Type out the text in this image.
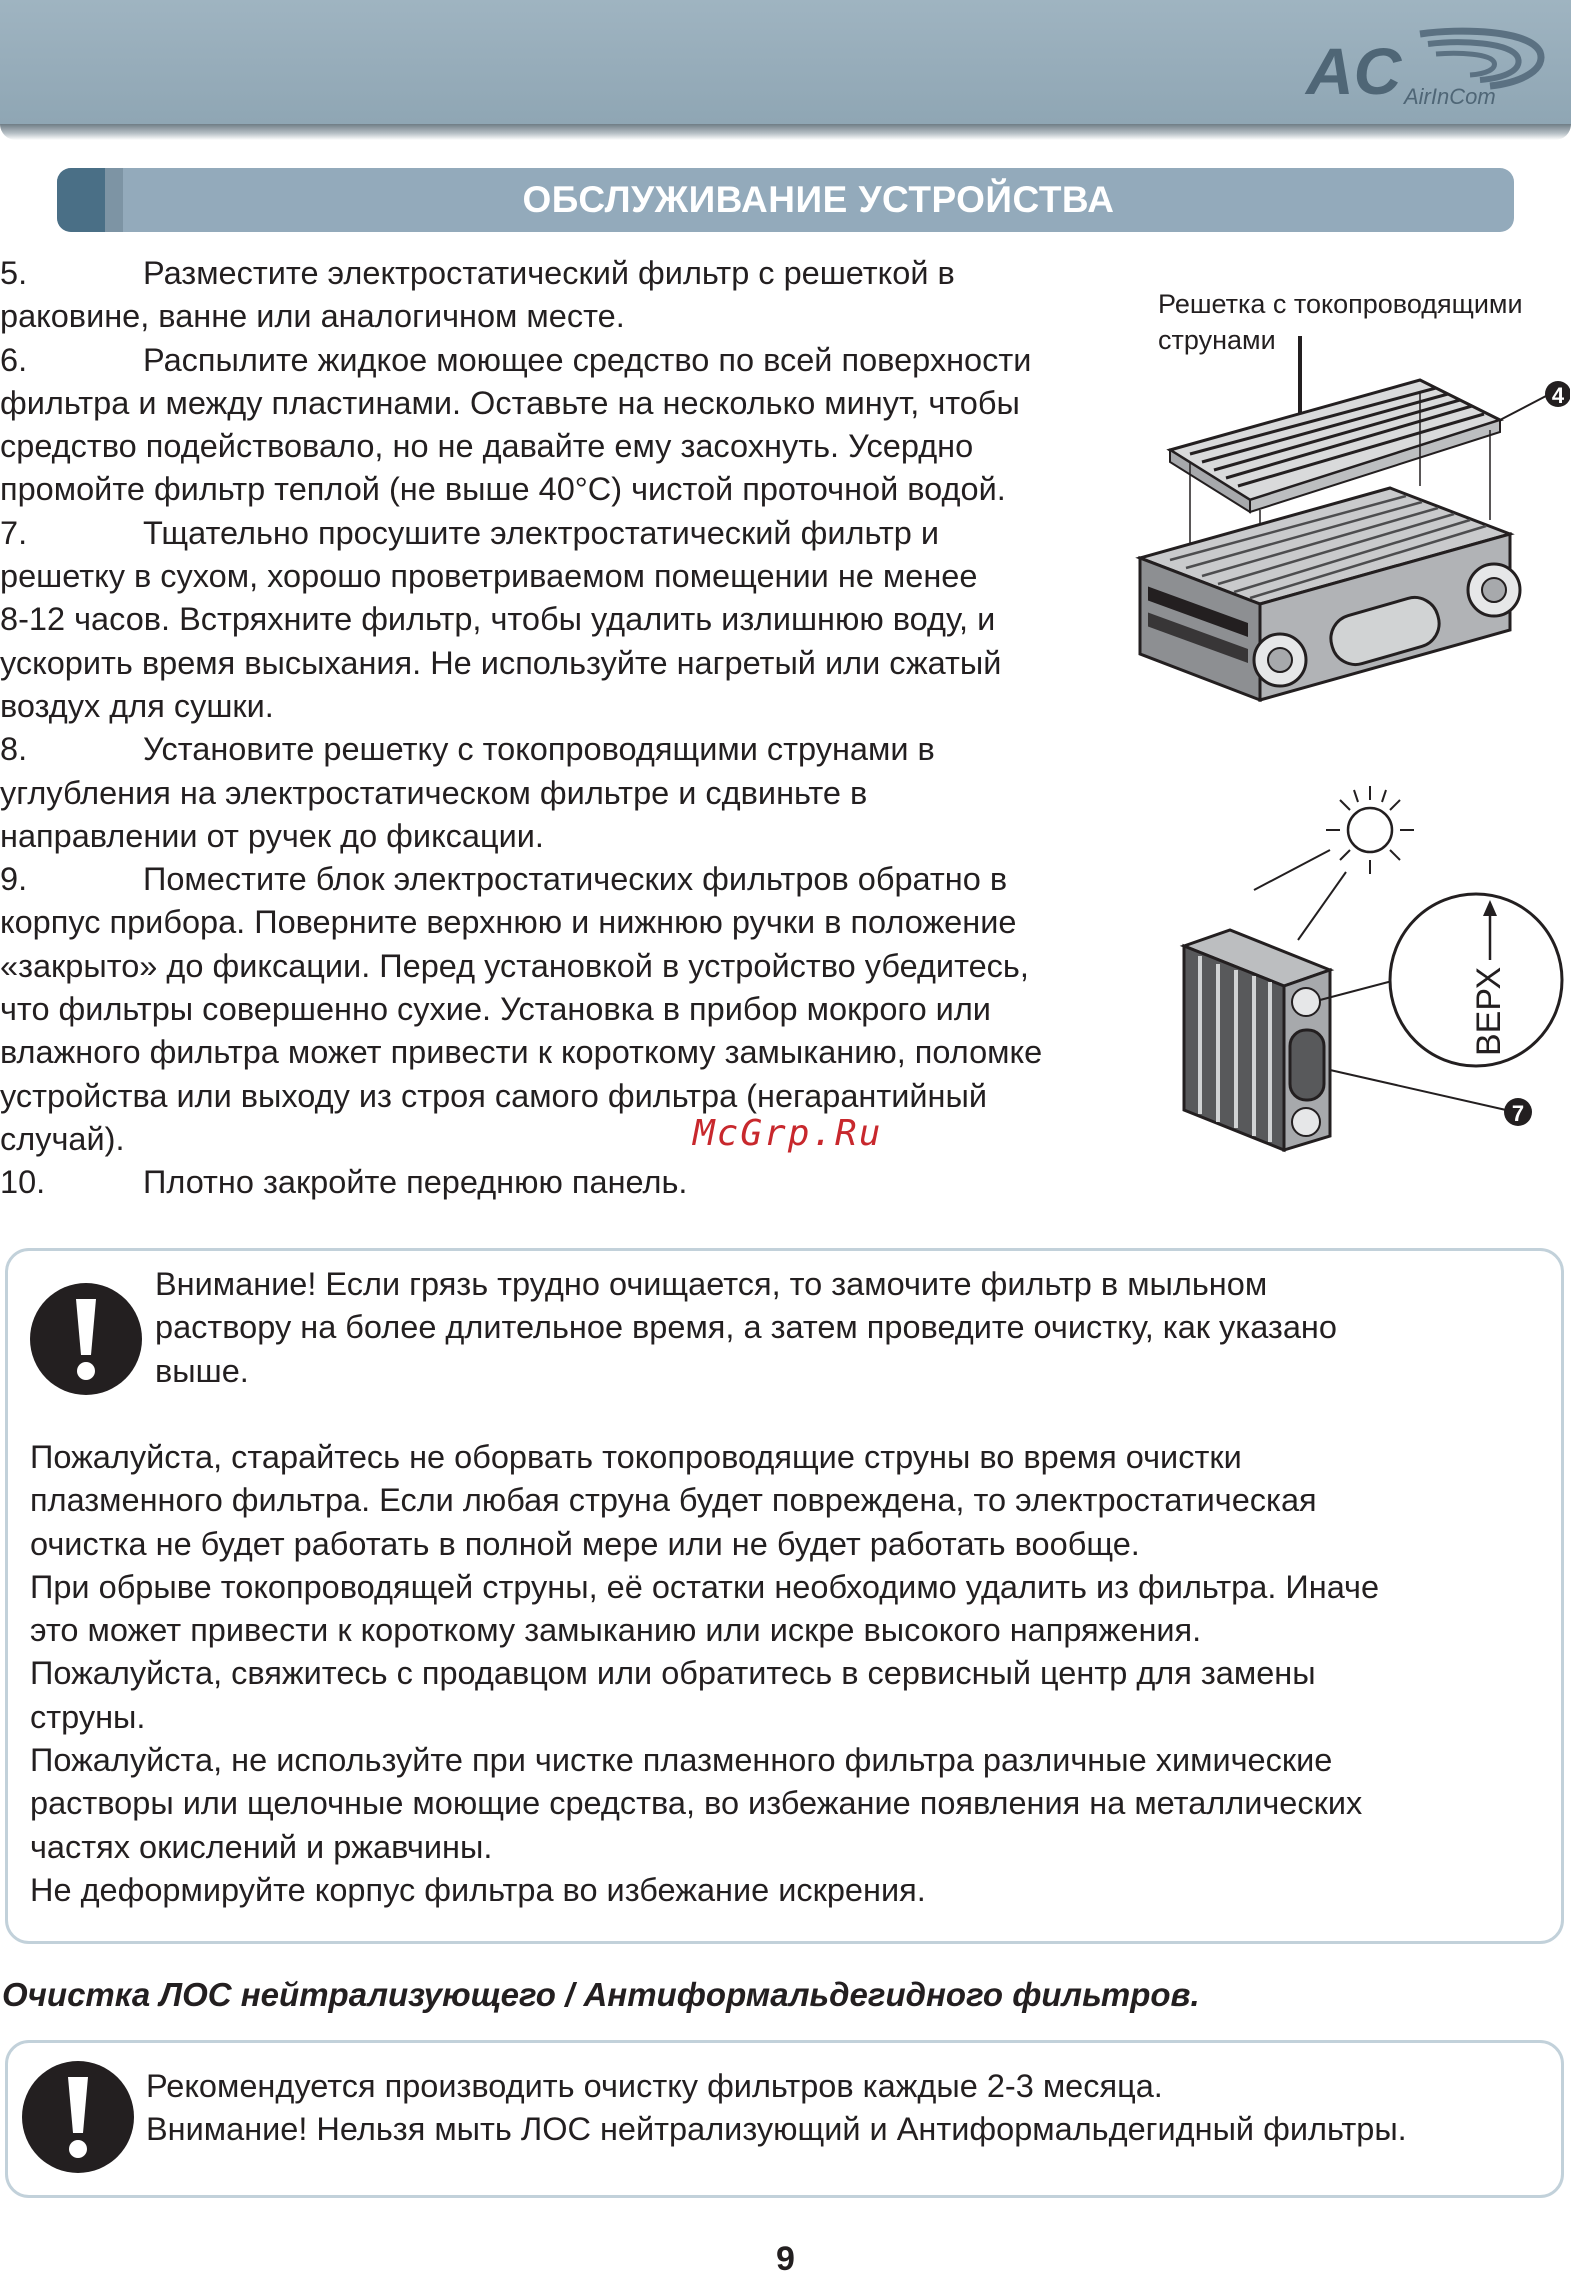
AC AirInCom
ОБСЛУЖИВАНИЕ УСТРОЙСТВА

5.	Разместите электростатический фильтр с решеткой в

раковине, ванне или аналогичном месте.

6.	Распылите жидкое моющее средство по всей поверхности

фильтра и между пластинами. Оставьте на несколько минут, чтобы

средство подействовало, но не давайте ему засохнуть. Усердно

промойте фильтр теплой (не выше 40°C) чистой проточной водой.

7.	Тщательно просушите электростатический фильтр и

решетку в сухом, хорошо проветриваемом помещении не менее

8-12 часов. Встряхните фильтр, чтобы удалить излишнюю воду, и

ускорить время высыхания. Не используйте нагретый или сжатый

воздух для сушки.

8.	Установите решетку с токопроводящими струнами в

углубления на электростатическом фильтре и сдвиньте в

направлении от ручек до фиксации.

9.	Поместите блок электростатических фильтров обратно в

корпус прибора. Поверните верхнюю и нижнюю ручки в положение

«закрыто» до фиксации. Перед установкой в устройство убедитесь,

что фильтры совершенно сухие. Установка в прибор мокрого или

влажного фильтра может привести к короткому замыканию, поломке

устройства или выходу из строя самого фильтра (негарантийный

случай).

10.	Плотно закройте переднюю панель.

Решетка с токопроводящими
струнами
4
ВЕРХ
7
McGrp.Ru

Внимание! Если грязь трудно очищается, то замочите фильтр в мыльном

раствору на более длительное время, а затем проведите очистку, как указано

выше.

Пожалуйста, старайтесь не оборвать токопроводящие струны во время очистки

плазменного фильтра. Если любая струна будет повреждена, то электростатическая

очистка не будет работать в полной мере или не будет работать вообще.

При обрыве токопроводящей струны, её остатки необходимо удалить из фильтра. Иначе

это может привести к короткому замыканию или искре высокого напряжения.

Пожалуйста, свяжитесь с продавцом или обратитесь в сервисный центр для замены

струны.

Пожалуйста, не используйте при чистке плазменного фильтра различные химические

растворы или щелочные моющие средства, во избежание появления на металлических

частях окислений и ржавчины.

Не деформируйте корпус фильтра во избежание искрения.

Очистка ЛОС нейтрализующего / Антиформальдегидного фильтров.

Рекомендуется производить очистку фильтров каждые 2-3 месяца.

Внимание! Нельзя мыть ЛОС нейтрализующий и Антиформальдегидный фильтры.

9
